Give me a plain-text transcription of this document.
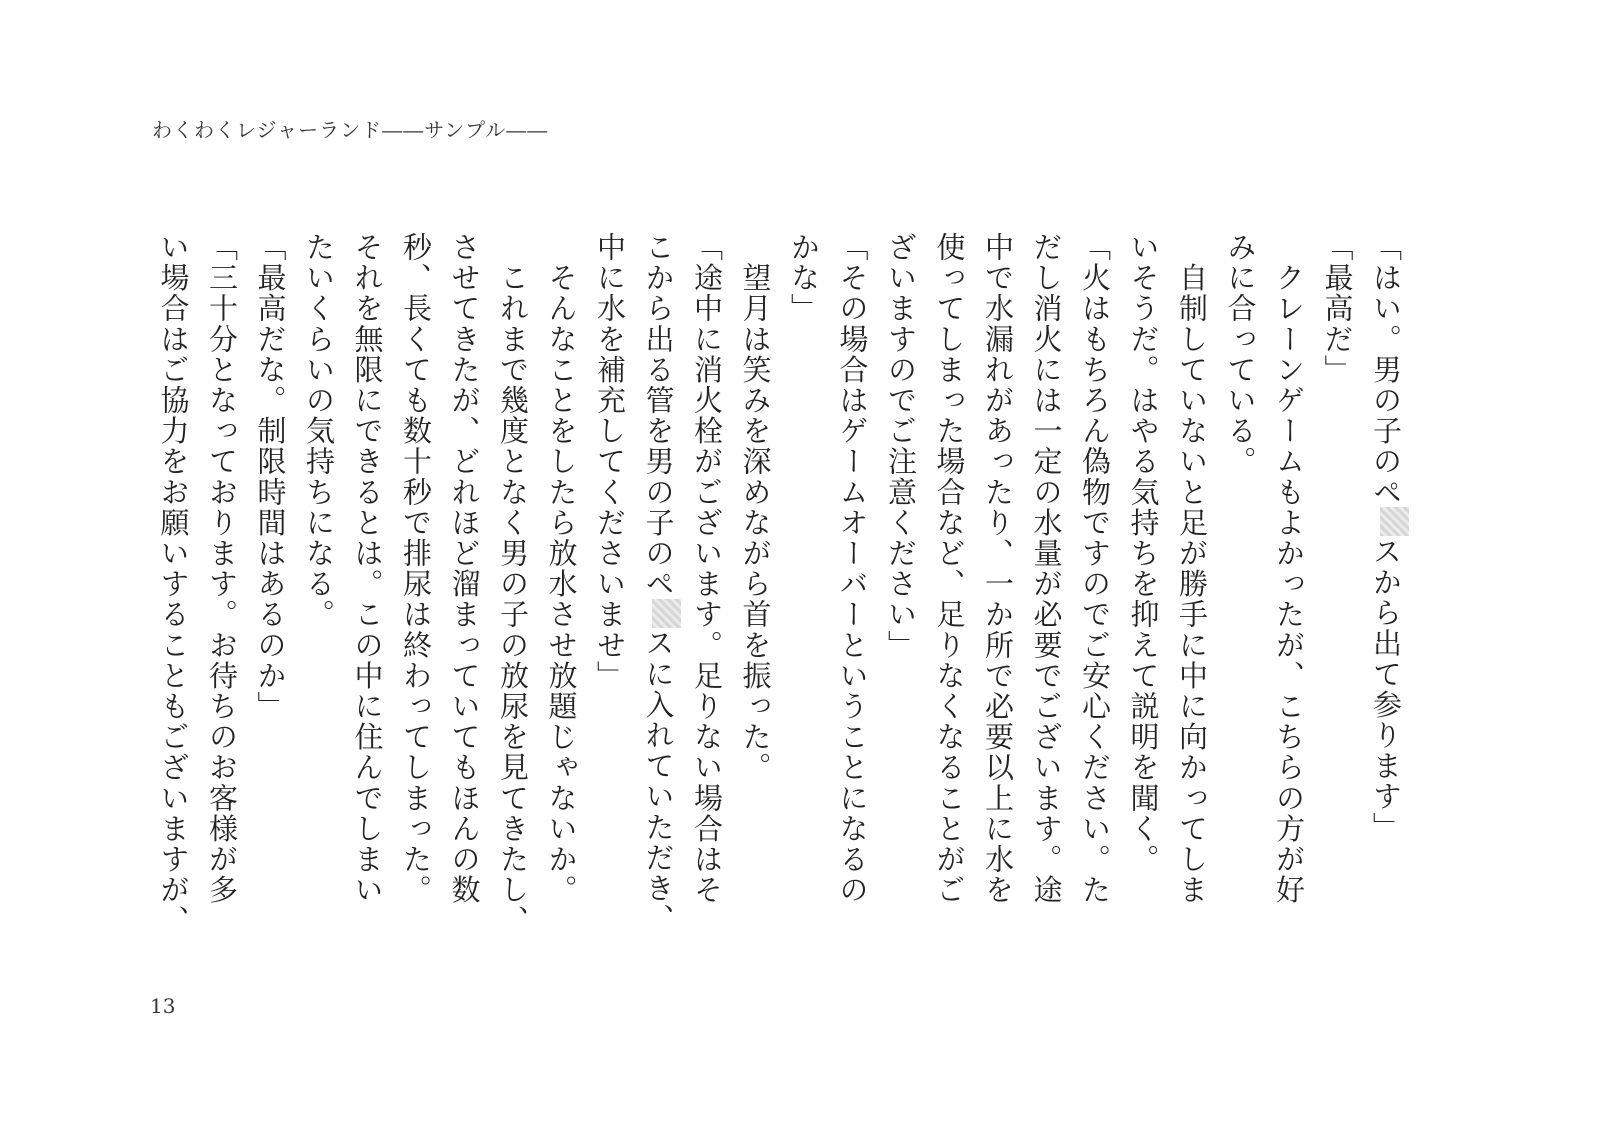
わくわくレジャーランド――サンプル――
「はい。男の子のペスから出て参ります」
「最高だ」
　クレーンゲームもよかったが、こちらの方が好
みに合っている。
　自制していないと足が勝手に中に向かってしま
いそうだ。はやる気持ちを抑えて説明を聞く。
「火はもちろん偽物ですのでご安心ください。た
だし消火には一定の水量が必要でございます。途
中で水漏れがあったり、一か所で必要以上に水を
使ってしまった場合など、足りなくなることがご
ざいますのでご注意ください」
「その場合はゲームオーバーということになるの
かな」
　望月は笑みを深めながら首を振った。
「途中に消火栓がございます。足りない場合はそ
こから出る管を男の子のペスに入れていただき、
中に水を補充してくださいませ」
　そんなことをしたら放水させ放題じゃないか。
　これまで幾度となく男の子の放尿を見てきたし、
させてきたが、どれほど溜まっていてもほんの数
秒、長くても数十秒で排尿は終わってしまった。
それを無限にできるとは。この中に住んでしまい
たいくらいの気持ちになる。
「最高だな。制限時間はあるのか」
「三十分となっております。お待ちのお客様が多
い場合はご協力をお願いすることもございますが、
13
